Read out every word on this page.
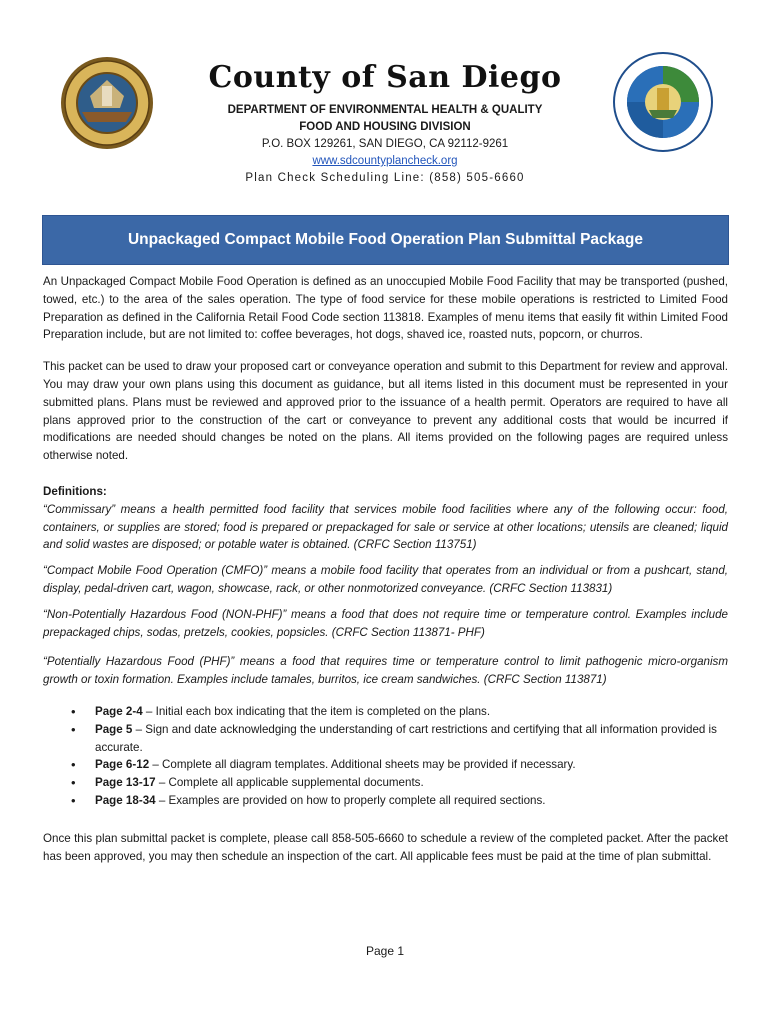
County of San Diego
DEPARTMENT OF ENVIRONMENTAL HEALTH & QUALITY
FOOD AND HOUSING DIVISION
P.O. BOX 129261, SAN DIEGO, CA 92112-9261
www.sdcountyplancheck.org
Plan Check Scheduling Line: (858) 505-6660
Unpackaged Compact Mobile Food Operation Plan Submittal Package

An Unpackaged Compact Mobile Food Operation is defined as an unoccupied Mobile Food Facility that may be transported (pushed, towed, etc.) to the area of the sales operation. The type of food service for these mobile operations is restricted to Limited Food Preparation as defined in the California Retail Food Code section 113818. Examples of menu items that easily fit within Limited Food Preparation include, but are not limited to: coffee beverages, hot dogs, shaved ice, roasted nuts, popcorn, or churros.

This packet can be used to draw your proposed cart or conveyance operation and submit to this Department for review and approval. You may draw your own plans using this document as guidance, but all items listed in this document must be represented in your submitted plans. Plans must be reviewed and approved prior to the issuance of a health permit. Operators are required to have all plans approved prior to the construction of the cart or conveyance to prevent any additional costs that would be incurred if modifications are needed should changes be noted on the plans. All items provided on the following pages are required unless otherwise noted.

Definitions:

“Commissary” means a health permitted food facility that services mobile food facilities where any of the following occur: food, containers, or supplies are stored; food is prepared or prepackaged for sale or service at other locations; utensils are cleaned; liquid and solid wastes are disposed; or potable water is obtained. (CRFC Section 113751)

“Compact Mobile Food Operation (CMFO)” means a mobile food facility that operates from an individual or from a pushcart, stand, display, pedal-driven cart, wagon, showcase, rack, or other nonmotorized conveyance. (CRFC Section 113831)

“Non-Potentially Hazardous Food (NON-PHF)” means a food that does not require time or temperature control. Examples include prepackaged chips, sodas, pretzels, cookies, popsicles. (CRFC Section 113871- PHF)

“Potentially Hazardous Food (PHF)” means a food that requires time or temperature control to limit pathogenic micro-organism growth or toxin formation. Examples include tamales, burritos, ice cream sandwiches. (CRFC Section 113871)

• Page 2-4 – Initial each box indicating that the item is completed on the plans.
• Page 5 – Sign and date acknowledging the understanding of cart restrictions and certifying that all information provided is accurate.
• Page 6-12 – Complete all diagram templates. Additional sheets may be provided if necessary.
• Page 13-17 – Complete all applicable supplemental documents.
• Page 18-34 – Examples are provided on how to properly complete all required sections.

Once this plan submittal packet is complete, please call 858-505-6660 to schedule a review of the completed packet. After the packet has been approved, you may then schedule an inspection of the cart. All applicable fees must be paid at the time of plan submittal.

Page 1
